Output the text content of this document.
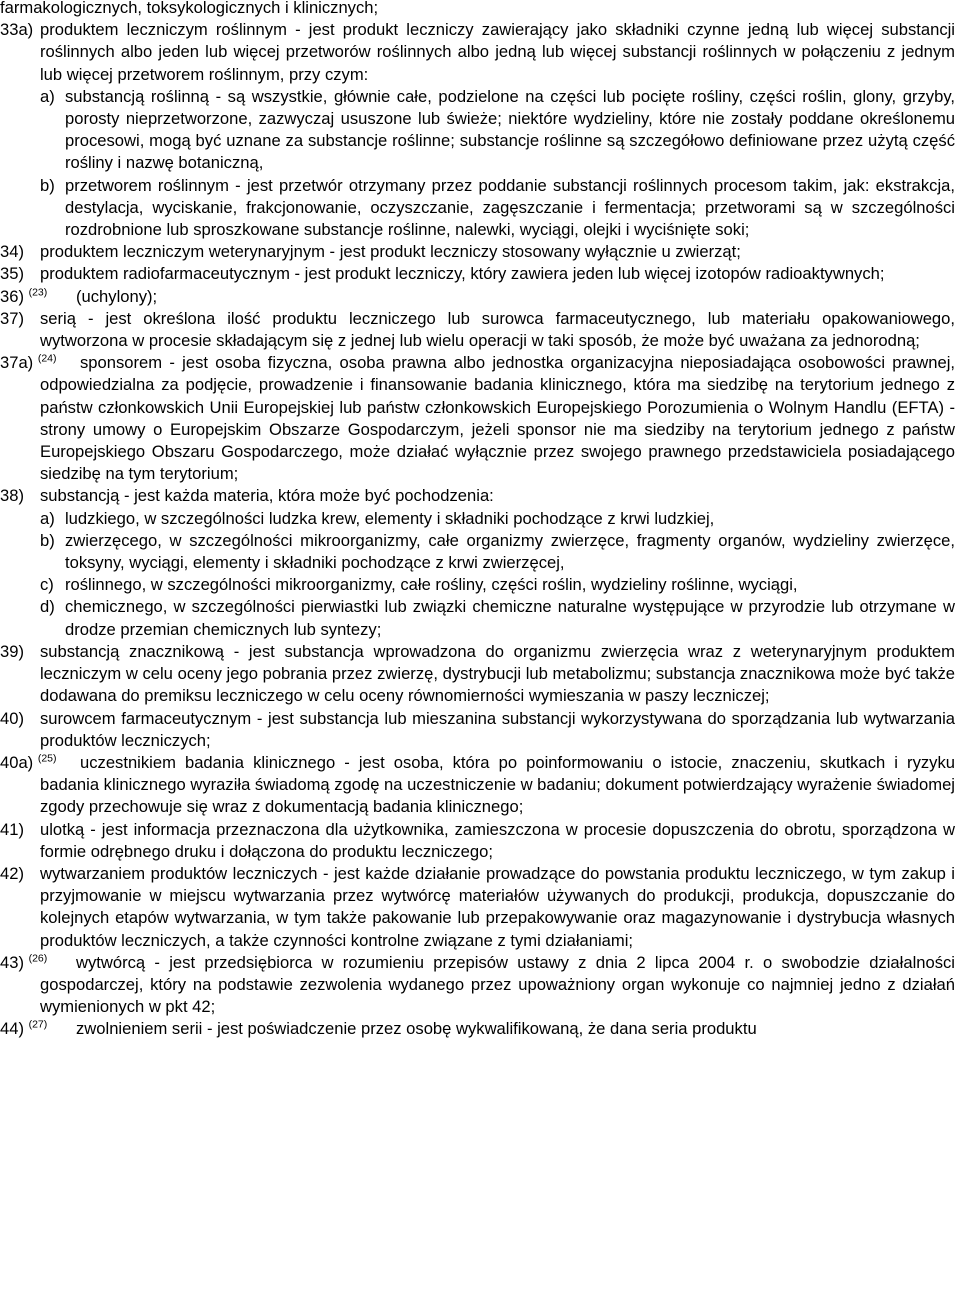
farmakologicznych, toksykologicznych i klinicznych;
33a) produktem leczniczym roślinnym - jest produkt leczniczy zawierający jako składniki czynne jedną lub więcej substancji roślinnych albo jeden lub więcej przetworów roślinnych albo jedną lub więcej substancji roślinnych w połączeniu z jednym lub więcej przetworem roślinnym, przy czym:
a) substancją roślinną - są wszystkie, głównie całe, podzielone na części lub pocięte rośliny, części roślin, glony, grzyby, porosty nieprzetworzone, zazwyczaj ususzone lub świeże; niektóre wydzieliny, które nie zostały poddane określonemu procesowi, mogą być uznane za substancje roślinne; substancje roślinne są szczegółowo definiowane przez użytą część rośliny i nazwę botaniczną,
b) przetworem roślinnym - jest przetwór otrzymany przez poddanie substancji roślinnych procesom takim, jak: ekstrakcja, destylacja, wyciskanie, frakcjonowanie, oczyszczanie, zagęszczanie i fermentacja; przetworami są w szczególności rozdrobnione lub sproszkowane substancje roślinne, nalewki, wyciągi, olejki i wyciśnięte soki;
34) produktem leczniczym weterynaryjnym - jest produkt leczniczy stosowany wyłącznie u zwierząt;
35) produktem radiofarmaceutycznym - jest produkt leczniczy, który zawiera jeden lub więcej izotopów radioaktywnych;
36) $^{(23)}$ (uchylony);
37) serią - jest określona ilość produktu leczniczego lub surowca farmaceutycznego, lub materiału opakowaniowego, wytworzona w procesie składającym się z jednej lub wielu operacji w taki sposób, że może być uważana za jednorodną;
37a) $^{(24)}$ sponsorem - jest osoba fizyczna, osoba prawna albo jednostka organizacyjna nieposiadająca osobowości prawnej, odpowiedzialna za podjęcie, prowadzenie i finansowanie badania klinicznego, która ma siedzibę na terytorium jednego z państw członkowskich Unii Europejskiej lub państw członkowskich Europejskiego Porozumienia o Wolnym Handlu (EFTA) - strony umowy o Europejskim Obszarze Gospodarczym, jeżeli sponsor nie ma siedziby na terytorium jednego z państw Europejskiego Obszaru Gospodarczego, może działać wyłącznie przez swojego prawnego przedstawiciela posiadającego siedzibę na tym terytorium;
38) substancją - jest każda materia, która może być pochodzenia:
a) ludzkiego, w szczególności ludzka krew, elementy i składniki pochodzące z krwi ludzkiej,
b) zwierzęcego, w szczególności mikroorganizmy, całe organizmy zwierzęce, fragmenty organów, wydzieliny zwierzęce, toksyny, wyciągi, elementy i składniki pochodzące z krwi zwierzęcej,
c) roślinnego, w szczególności mikroorganizmy, całe rośliny, części roślin, wydzieliny roślinne, wyciągi,
d) chemicznego, w szczególności pierwiastki lub związki chemiczne naturalne występujące w przyrodzie lub otrzymane w drodze przemian chemicznych lub syntezy;
39) substancją znacznikową - jest substancja wprowadzona do organizmu zwierzęcia wraz z weterynaryjnym produktem leczniczym w celu oceny jego pobrania przez zwierzę, dystrybucji lub metabolizmu; substancja znacznikowa może być także dodawana do premiksu leczniczego w celu oceny równomierności wymieszania w paszy leczniczej;
40) surowcem farmaceutycznym - jest substancja lub mieszanina substancji wykorzystywana do sporządzania lub wytwarzania produktów leczniczych;
40a) $^{(25)}$ uczestnikiem badania klinicznego - jest osoba, która po poinformowaniu o istocie, znaczeniu, skutkach i ryzyku badania klinicznego wyraziła świadomą zgodę na uczestniczenie w badaniu; dokument potwierdzający wyrażenie świadomej zgody przechowuje się wraz z dokumentacją badania klinicznego;
41) ulotką - jest informacja przeznaczona dla użytkownika, zamieszczona w procesie dopuszczenia do obrotu, sporządzona w formie odrębnego druku i dołączona do produktu leczniczego;
42) wytwarzaniem produktów leczniczych - jest każde działanie prowadzące do powstania produktu leczniczego, w tym zakup i przyjmowanie w miejscu wytwarzania przez wytwórcę materiałów używanych do produkcji, produkcja, dopuszczanie do kolejnych etapów wytwarzania, w tym także pakowanie lub przepakowywanie oraz magazynowanie i dystrybucja własnych produktów leczniczych, a także czynności kontrolne związane z tymi działaniami;
43) $^{(26)}$ wytwórcą - jest przedsiębiorca w rozumieniu przepisów ustawy z dnia 2 lipca 2004 r. o swobodzie działalności gospodarczej, który na podstawie zezwolenia wydanego przez upoważniony organ wykonuje co najmniej jedno z działań wymienionych w pkt 42;
44) $^{(27)}$ zwolnieniem serii - jest poświadczenie przez osobę wykwalifikowaną, że dana seria produktu
